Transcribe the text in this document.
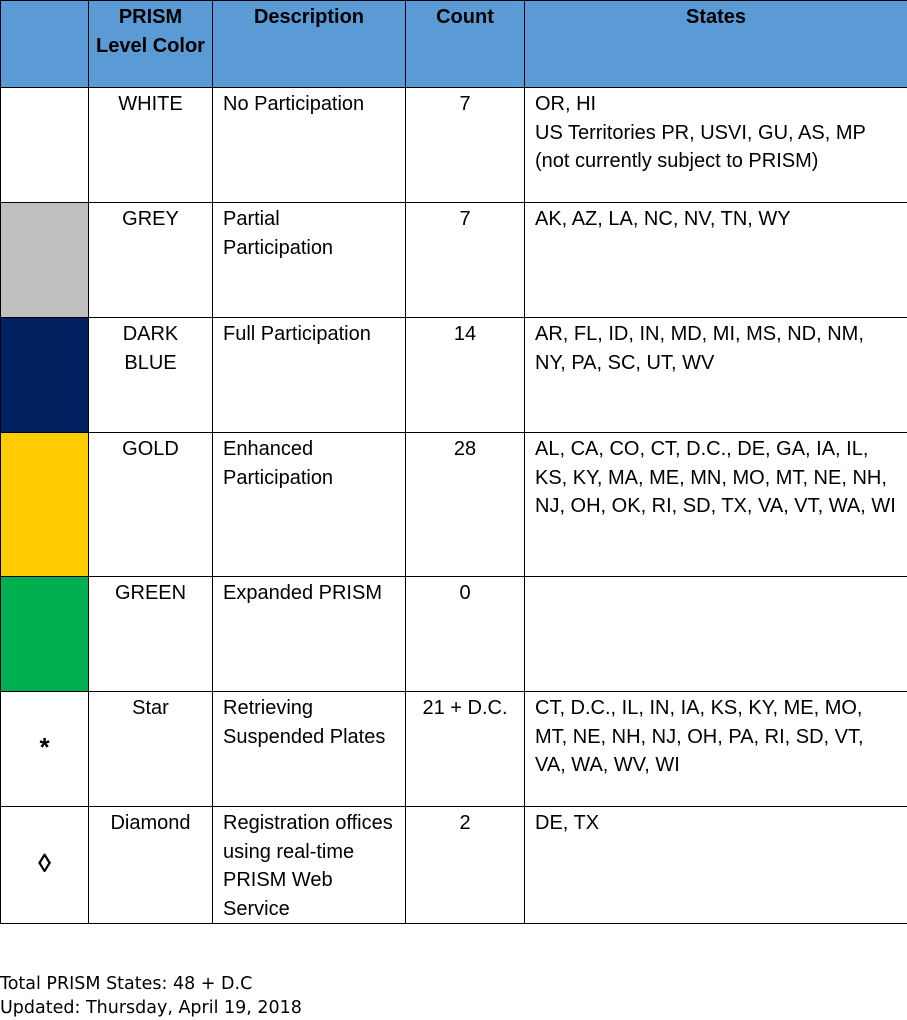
	PRISM Level Color	Description	Count	States
	WHITE	No Participation	7	OR, HI
US Territories PR, USVI, GU, AS, MP
(not currently subject to PRISM)

	GREY	Partial Participation	7	AK, AZ, LA, NC, NV, TN, WY

	DARK BLUE	Full Participation	14	AR, FL, ID, IN, MD, MI, MS, ND, NM, NY, PA, SC, UT, WV

	GOLD	Enhanced Participation	28	AL, CA, CO, CT, D.C., DE, GA, IA, IL, KS, KY, MA, ME, MN, MO, MT, NE, NH, NJ, OH, OK, RI, SD, TX, VA, VT, WA, WI

	GREEN	Expanded PRISM	0	

*	Star	Retrieving Suspended Plates	21 + D.C.	CT, D.C., IL, IN, IA, KS, KY, ME, MO, MT, NE, NH, NJ, OH, PA, RI, SD, VT, VA, WA, WV, WI

◊	Diamond	Registration offices using real-time PRISM Web Service	2	DE, TX
Total PRISM States: 48 + D.C
Updated: Thursday, April 19, 2018
